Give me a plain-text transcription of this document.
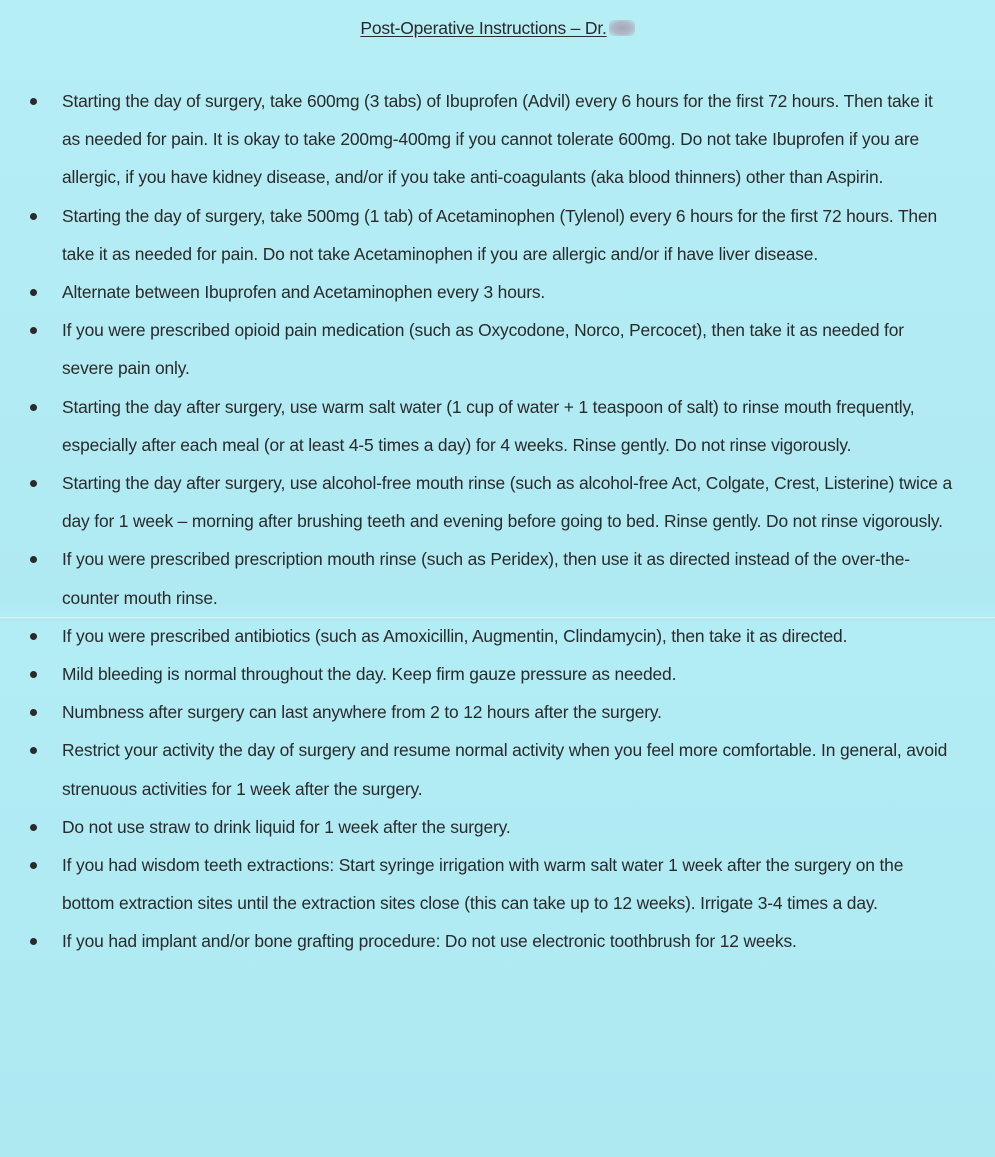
Post-Operative Instructions – Dr.
Starting the day of surgery, take 600mg (3 tabs) of Ibuprofen (Advil) every 6 hours for the first 72 hours. Then take it as needed for pain. It is okay to take 200mg-400mg if you cannot tolerate 600mg. Do not take Ibuprofen if you are allergic, if you have kidney disease, and/or if you take anti-coagulants (aka blood thinners) other than Aspirin.
Starting the day of surgery, take 500mg (1 tab) of Acetaminophen (Tylenol) every 6 hours for the first 72 hours. Then take it as needed for pain. Do not take Acetaminophen if you are allergic and/or if have liver disease.
Alternate between Ibuprofen and Acetaminophen every 3 hours.
If you were prescribed opioid pain medication (such as Oxycodone, Norco, Percocet), then take it as needed for severe pain only.
Starting the day after surgery, use warm salt water (1 cup of water + 1 teaspoon of salt) to rinse mouth frequently, especially after each meal (or at least 4-5 times a day) for 4 weeks. Rinse gently. Do not rinse vigorously.
Starting the day after surgery, use alcohol-free mouth rinse (such as alcohol-free Act, Colgate, Crest, Listerine) twice a day for 1 week – morning after brushing teeth and evening before going to bed. Rinse gently. Do not rinse vigorously.
If you were prescribed prescription mouth rinse (such as Peridex), then use it as directed instead of the over-the-counter mouth rinse.
If you were prescribed antibiotics (such as Amoxicillin, Augmentin, Clindamycin), then take it as directed.
Mild bleeding is normal throughout the day. Keep firm gauze pressure as needed.
Numbness after surgery can last anywhere from 2 to 12 hours after the surgery.
Restrict your activity the day of surgery and resume normal activity when you feel more comfortable. In general, avoid strenuous activities for 1 week after the surgery.
Do not use straw to drink liquid for 1 week after the surgery.
If you had wisdom teeth extractions: Start syringe irrigation with warm salt water 1 week after the surgery on the bottom extraction sites until the extraction sites close (this can take up to 12 weeks). Irrigate 3-4 times a day.
If you had implant and/or bone grafting procedure: Do not use electronic toothbrush for 12 weeks.
